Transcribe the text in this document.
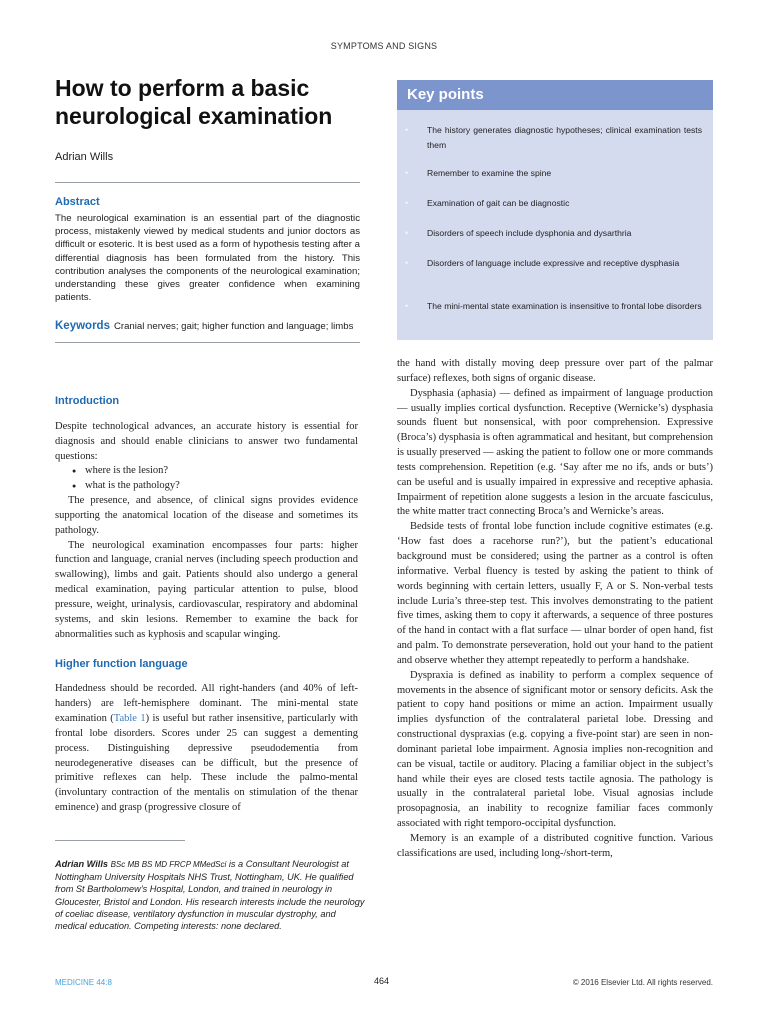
SYMPTOMS AND SIGNS
How to perform a basic neurological examination
Adrian Wills
Abstract
The neurological examination is an essential part of the diagnostic process, mistakenly viewed by medical students and junior doctors as difficult or esoteric. It is best used as a form of hypothesis testing after a differential diagnosis has been formulated from the history. This contribution analyses the components of the neurological examination; understanding these gives greater confidence when examining patients.
Keywords Cranial nerves; gait; higher function and language; limbs
Key points
• The history generates diagnostic hypotheses; clinical examination tests them
• Remember to examine the spine
• Examination of gait can be diagnostic
• Disorders of speech include dysphonia and dysarthria
• Disorders of language include expressive and receptive dysphasia
• The mini-mental state examination is insensitive to frontal lobe disorders
Introduction

Despite technological advances, an accurate history is essential for diagnosis and should enable clinicians to answer two fundamental questions:

● where is the lesion?
● what is the pathology?

The presence, and absence, of clinical signs provides evidence supporting the anatomical location of the disease and sometimes its pathology.

The neurological examination encompasses four parts: higher function and language, cranial nerves (including speech production and swallowing), limbs and gait. Patients should also undergo a general medical examination, paying particular attention to pulse, blood pressure, weight, urinalysis, cardiovascular, respiratory and abdominal systems, and skin lesions. Remember to examine the back for abnormalities such as kyphosis and scapular winging.

Higher function language

Handedness should be recorded. All right-handers (and 40% of left-handers) are left-hemisphere dominant. The mini-mental state examination (Table 1) is useful but rather insensitive, particularly with frontal lobe disorders. Scores under 25 can suggest a dementing process. Distinguishing depressive pseudodementia from neurodegenerative diseases can be difficult, but the presence of primitive reflexes can help. These include the palmo-mental (involuntary contraction of the mentalis on stimulation of the thenar eminence) and grasp (progressive closure of

Adrian Wills BSc MB BS MD FRCP MMedSci is a Consultant Neurologist at Nottingham University Hospitals NHS Trust, Nottingham, UK. He qualified from St Bartholomew’s Hospital, London, and trained in neurology in Gloucester, Bristol and London. His research interests include the neurology of coeliac disease, ventilatory dysfunction in muscular dystrophy, and medical education. Competing interests: none declared.

the hand with distally moving deep pressure over part of the palmar surface) reflexes, both signs of organic disease.

Dysphasia (aphasia) — defined as impairment of language production — usually implies cortical dysfunction. Receptive (Wernicke’s) dysphasia sounds fluent but nonsensical, with poor comprehension. Expressive (Broca’s) dysphasia is often agrammatical and hesitant, but comprehension is usually preserved — asking the patient to follow one or more commands tests comprehension. Repetition (e.g. ‘Say after me no ifs, ands or buts’) can be useful and is usually impaired in expressive and receptive aphasia. Impairment of repetition alone suggests a lesion in the arcuate fasciculus, the white matter tract connecting Broca’s and Wernicke’s areas.

Bedside tests of frontal lobe function include cognitive estimates (e.g. ‘How fast does a racehorse run?’), but the patient’s educational background must be considered; using the partner as a control is often informative. Verbal fluency is tested by asking the patient to think of words beginning with certain letters, usually F, A or S. Non-verbal tests include Luria’s three-step test. This involves demonstrating to the patient five times, asking them to copy it afterwards, a sequence of three postures of the hand in contact with a flat surface — ulnar border of open hand, fist and palm. To demonstrate perseveration, hold out your hand to the patient and observe whether they attempt repeatedly to perform a handshake.

Dyspraxia is defined as inability to perform a complex sequence of movements in the absence of significant motor or sensory deficits. Ask the patient to copy hand positions or mime an action. Impairment usually implies dysfunction of the contralateral parietal lobe. Dressing and constructional dyspraxias (e.g. copying a five-point star) are seen in non-dominant parietal lobe impairment. Agnosia implies non-recognition and can be visual, tactile or auditory. Placing a familiar object in the subject’s hand while their eyes are closed tests tactile agnosia. The pathology is usually in the contralateral parietal lobe. Visual agnosias include prosopagnosia, an inability to recognize familiar faces commonly associated with right temporo-occipital dysfunction.

Memory is an example of a distributed cognitive function. Various classifications are used, including long-/short-term,

MEDICINE 44:8	464	© 2016 Elsevier Ltd. All rights reserved.
